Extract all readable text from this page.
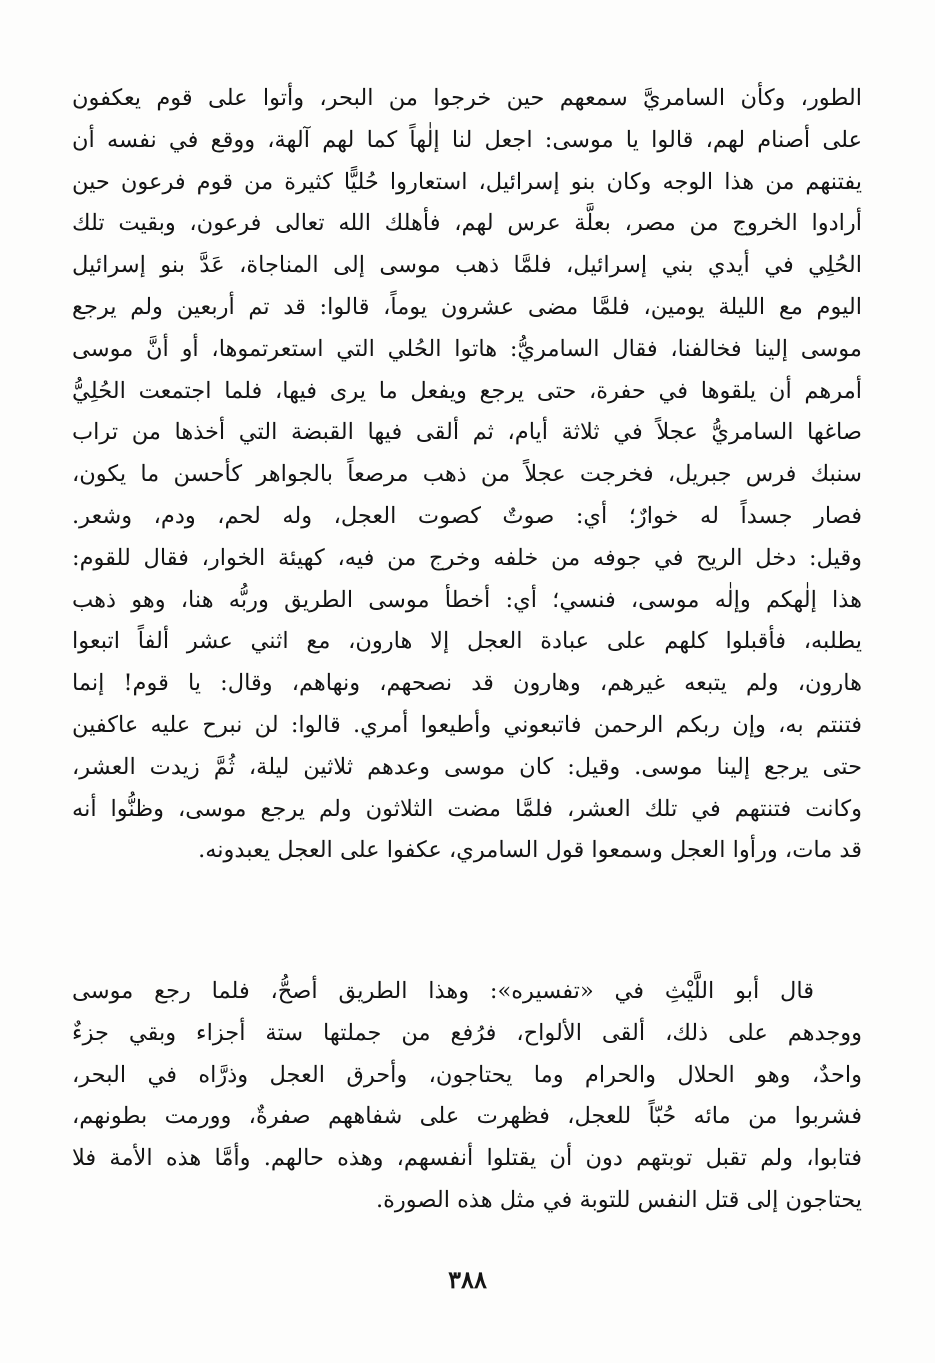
الطور، وكأن السامريَّ سمعهم حين خرجوا من البحر، وأتوا على قوم يعكفون
على أصنام لهم، قالوا يا موسى: اجعل لنا إلٰهاً كما لهم آلهة، ووقع في نفسه أن
يفتنهم من هذا الوجه وكان بنو إسرائيل، استعاروا حُليًّا كثيرة من قوم فرعون حين
أرادوا الخروج من مصر، بعلَّة عرس لهم، فأهلك الله تعالى فرعون، وبقيت تلك
الحُلِي في أيدي بني إسرائيل، فلمَّا ذهب موسى إلى المناجاة، عَدَّ بنو إسرائيل
اليوم مع الليلة يومين، فلمَّا مضى عشرون يوماً، قالوا: قد تم أربعين ولم يرجع
موسى إلينا فخالفنا، فقال السامريُّ: هاتوا الحُلي التي استعرتموها، أو أنَّ موسى
أمرهم أن يلقوها في حفرة، حتى يرجع ويفعل ما يرى فيها، فلما اجتمعت الحُلِيُّ
صاغها السامريُّ عجلاً في ثلاثة أيام، ثم ألقى فيها القبضة التي أخذها من تراب
سنبك فرس جبريل، فخرجت عجلاً من ذهب مرصعاً بالجواهر كأحسن ما يكون،
فصار جسداً له خوارٌ؛ أي: صوتٌ كصوت العجل، وله لحم، ودم، وشعر.
وقيل: دخل الريح في جوفه من خلفه وخرج من فيه، كهيئة الخوار، فقال للقوم:
هذا إلٰهكم وإلٰه موسى، فنسي؛ أي: أخطأ موسى الطريق وربُّه هنا، وهو ذهب
يطلبه، فأقبلوا كلهم على عبادة العجل إلا هارون، مع اثني عشر ألفاً اتبعوا
هارون، ولم يتبعه غيرهم، وهارون قد نصحهم، ونهاهم، وقال: يا قوم! إنما
فتنتم به، وإن ربكم الرحمن فاتبعوني وأطيعوا أمري. قالوا: لن نبرح عليه عاكفين
حتى يرجع إلينا موسى. وقيل: كان موسى وعدهم ثلاثين ليلة، ثُمَّ زيدت العشر،
وكانت فتنتهم في تلك العشر، فلمَّا مضت الثلاثون ولم يرجع موسى، وظنُّوا أنه
قد مات، ورأوا العجل وسمعوا قول السامري، عكفوا على العجل يعبدونه.
قال أبو اللَّيْثِ في «تفسيره»: وهذا الطريق أصحُّ، فلما رجع موسى
ووجدهم على ذلك، ألقى الألواح، فرُفع من جملتها ستة أجزاء وبقي جزءٌ
واحدٌ، وهو الحلال والحرام وما يحتاجون، وأحرق العجل وذرَّاه في البحر،
فشربوا من مائه حُبّاً للعجل، فظهرت على شفاههم صفرةٌ، وورمت بطونهم،
فتابوا، ولم تقبل توبتهم دون أن يقتلوا أنفسهم، وهذه حالهم. وأمَّا هذه الأمة فلا
يحتاجون إلى قتل النفس للتوبة في مثل هذه الصورة.
٣٨٨
